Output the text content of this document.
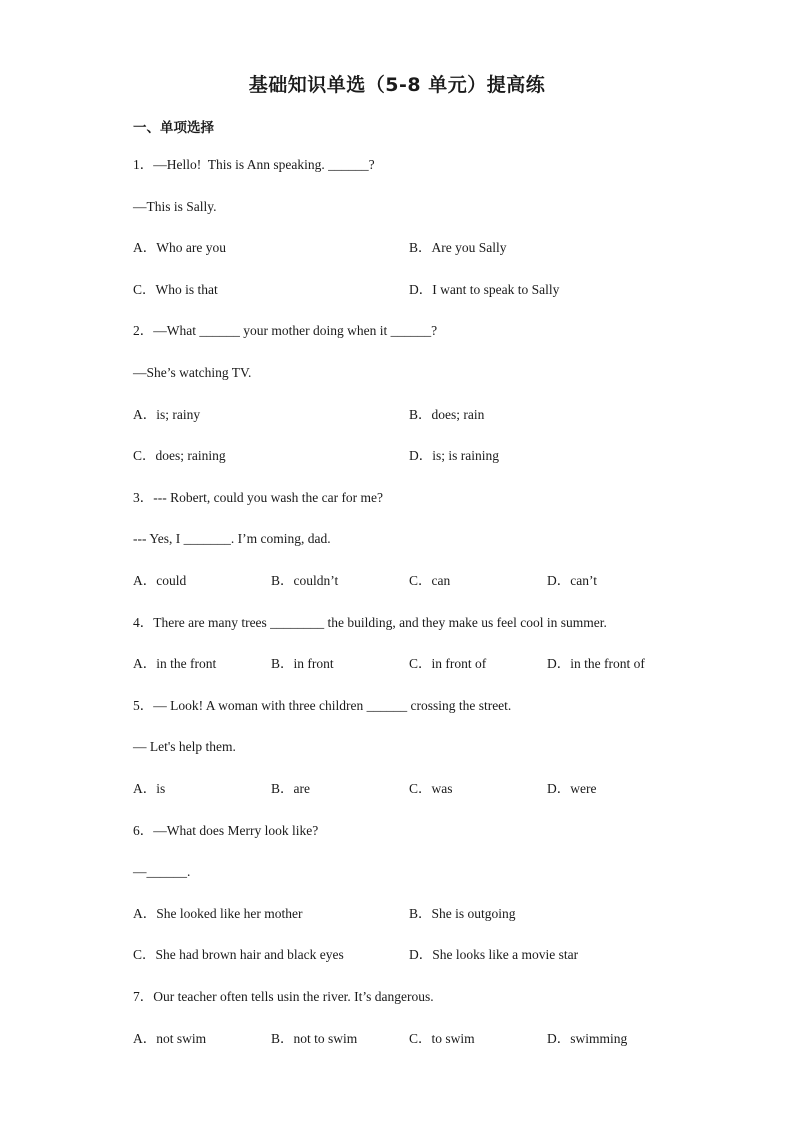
基础知识单选（5-8 单元）提高练
一、单项选择
1．—Hello!  This is Ann speaking. ______?
—This is Sally.
A．Who are you	B．Are you Sally
C．Who is that	D．I want to speak to Sally
2．—What ______ your mother doing when it ______?
—She’s watching TV.
A．is; rainy	B．does; rain
C．does; raining	D．is; is raining
3．--- Robert, could you wash the car for me?
--- Yes, I _______. I’m coming, dad.
A．could	B．couldn’t	C．can	D．can’t
4．There are many trees ________ the building, and they make us feel cool in summer.
A．in the front	B．in front	C．in front of	D．in the front of
5．— Look! A woman with three children ______ crossing the street.
— Let's help them.
A．is	B．are	C．was	D．were
6．—What does Merry look like?
—______.
A．She looked like her mother	B．She is outgoing
C．She had brown hair and black eyes	D．She looks like a movie star
7．Our teacher often tells usin the river. It’s dangerous.
A．not swim	B．not to swim	C．to swim	D．swimming
